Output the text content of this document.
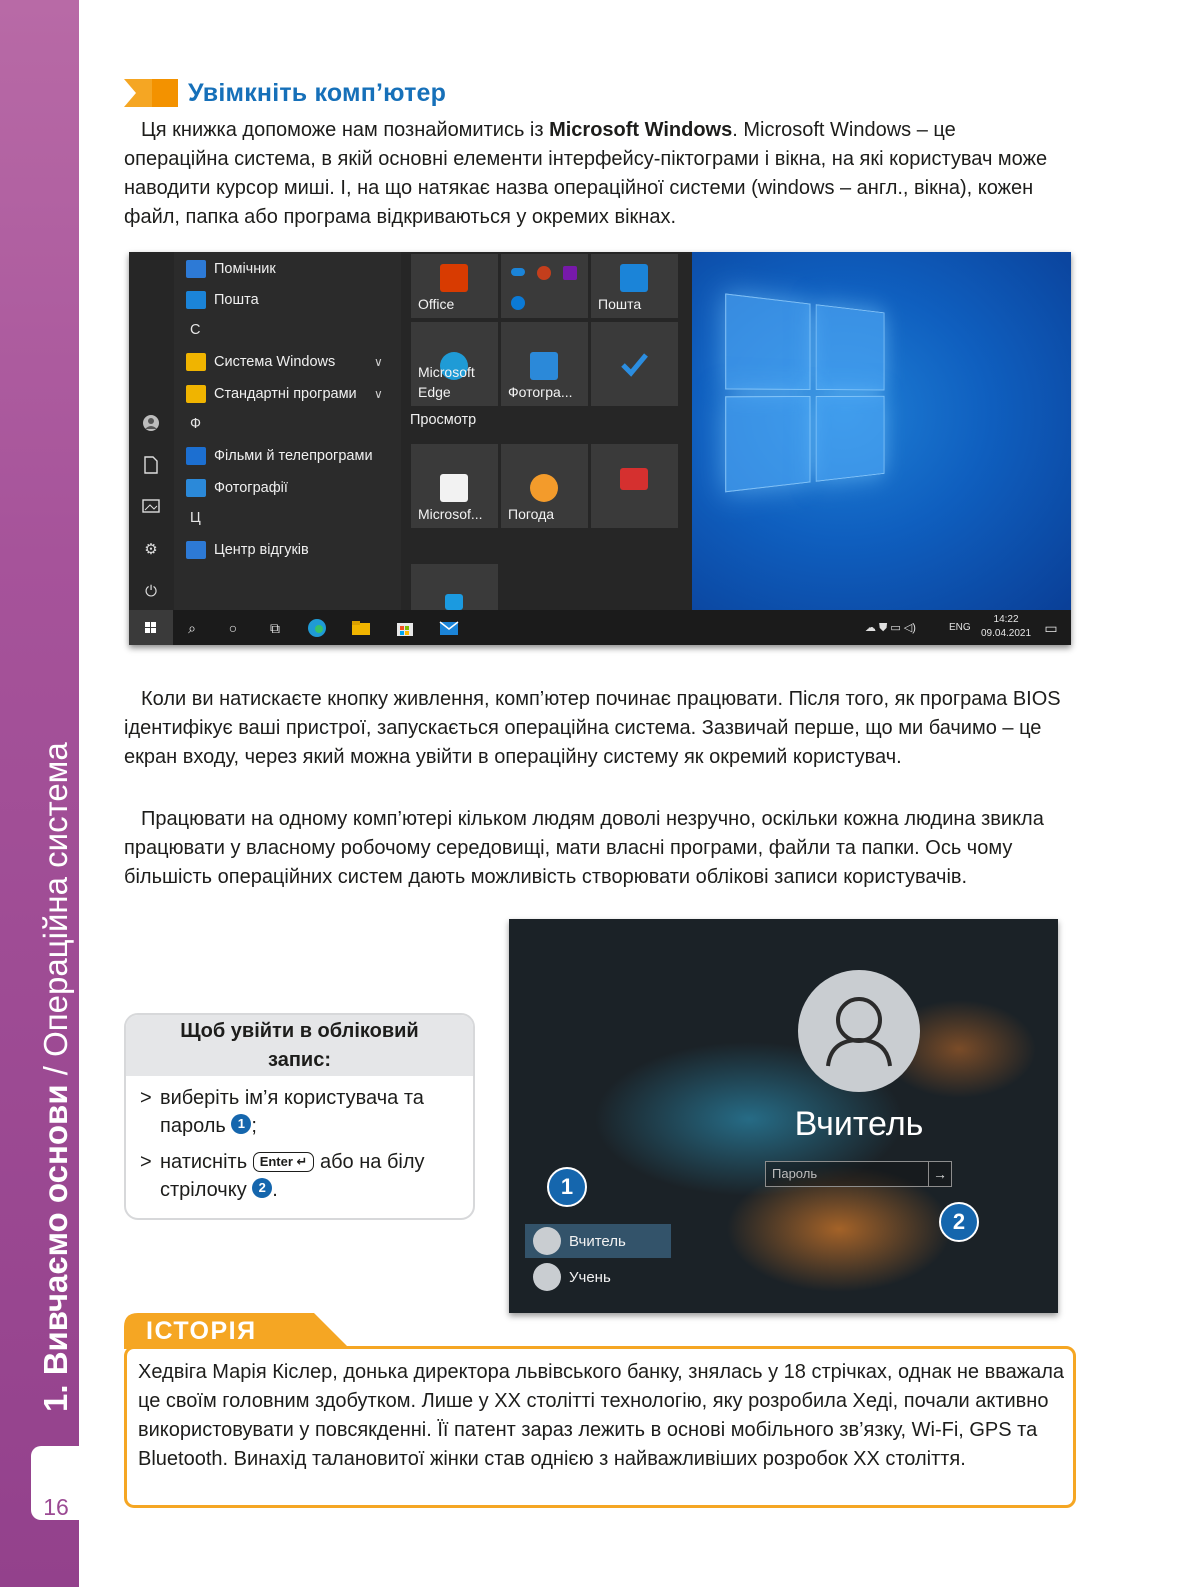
1. Вивчаємо основи / Операційна система
16
Увімкніть комп’ютер
Ця книжка допоможе нам познайомитись із Microsoft Windows. Microsoft Windows – це операційна система, в якій основні елементи інтерфейсу-піктограми і вікна, на які користувач може наводити курсор миші. І, на що натякає назва операційної системи (windows – англ., вікна), кожен файл, папка або програма відкриваються у окремих вікнах.
⚙
⏻
Помічник
Пошта
С
Система Windows	∨
Стандартні програми ∨
Ф
Фільми й телепрограми
Фотографії
Ц
Центр відгуків
Office	Пошта
Microsoft Edge	Фотогра...
Microsof... Погода
Просмотр
⌕	○	⧉	☁ ⛊ ▭ ◁)	ENG
14:22
09.04.2021 ▭
Коли ви натискаєте кнопку живлення, комп’ютер починає працювати. Після того, як програма BIOS ідентифікує ваші пристрої, запускається операційна система. Зазвичай перше, що ми бачимо – це екран входу, через який можна увійти в операційну систему як окремий користувач.
Працювати на одному комп’ютері кільком людям доволі незручно, оскільки кожна людина звикла працювати у власному робочому середовищі, мати власні програми, файли та папки. Ось чому більшість операційних систем дають можливість створювати облікові записи користувачів.
Щоб увійти в обліковий запис:
> виберіть ім’я користувача та пароль 1 ;
> натисніть Enter ↵ або на білу стрілочку 2 .
Вчитель
Пароль	→
Вчитель
Учень
1
2
ІСТОРІЯ
Хедвіга Марія Кіслер, донька директора львівського банку, знялась у 18 стрічках, однак не вважала це своїм головним здобутком. Лише у XX столітті технологію, яку розробила Хеді, почали активно використовувати у повсякденні. Її патент зараз лежить в основі мобільного зв’язку, Wi-Fi, GPS та Bluetooth. Винахід талановитої жінки став однією з найважливіших розробок XX століття.
